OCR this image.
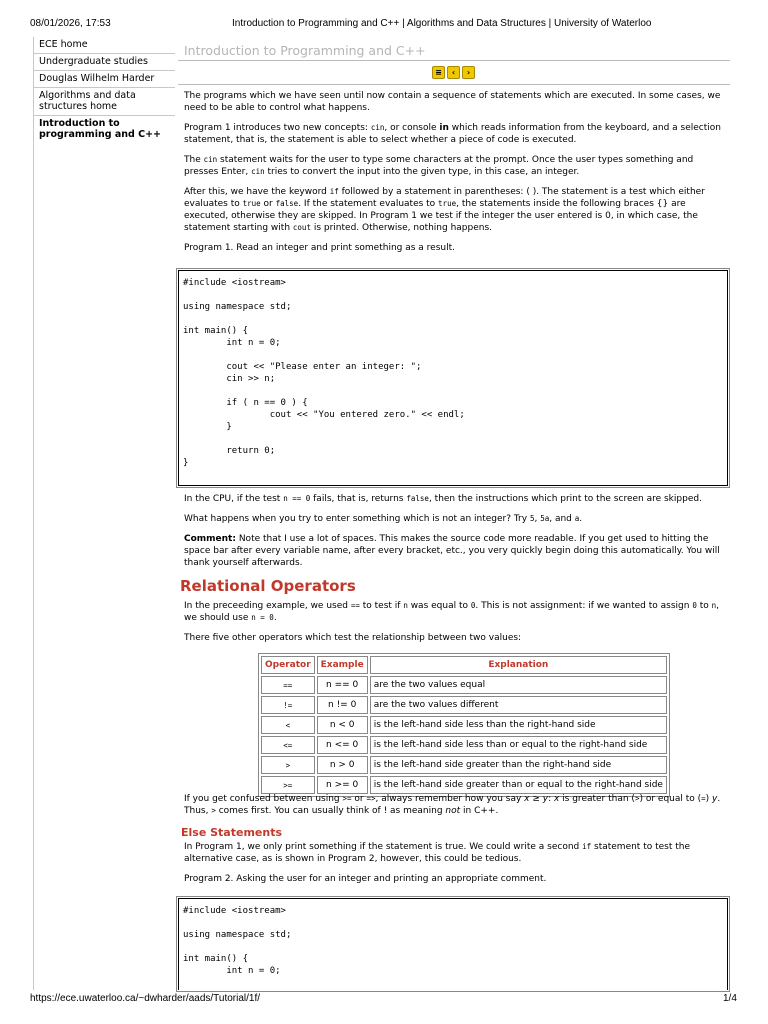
08/01/2026, 17:53	Introduction to Programming and C++ | Algorithms and Data Structures | University of Waterloo
ECE home
Undergraduate studies
Douglas Wilhelm Harder
Algorithms and data structures home
Introduction to programming and C++
Introduction to Programming and C++
≡	‹	›

The programs which we have seen until now contain a sequence of statements which are executed. In some cases, we need to be able to control what happens.

Program 1 introduces two new concepts: cin, or console in which reads information from the keyboard, and a selection statement, that is, the statement is able to select whether a piece of code is executed.

The cin statement waits for the user to type some characters at the prompt. Once the user types something and presses Enter, cin tries to convert the input into the given type, in this case, an integer.

After this, we have the keyword if followed by a statement in parentheses: ( ). The statement is a test which either evaluates to true or false. If the statement evaluates to true, the statements inside the following braces {} are executed, otherwise they are skipped. In Program 1 we test if the integer the user entered is 0, in which case, the statement starting with cout is printed. Otherwise, nothing happens.

Program 1. Read an integer and print something as a result.

#include <iostream>

using namespace std;

int main() {
int n = 0;

cout << "Please enter an integer: ";
cin >> n;

if ( n == 0 ) {
cout << "You entered zero." << endl;
}

return 0;
}

In the CPU, if the test n == 0 fails, that is, returns false, then the instructions which print to the screen are skipped.

What happens when you try to enter something which is not an integer? Try 5, 5a, and a.

Comment: Note that I use a lot of spaces. This makes the source code more readable. If you get used to hitting the space bar after every variable name, after every bracket, etc., you very quickly begin doing this automatically. You will thank yourself afterwards.

Relational Operators

In the preceeding example, we used == to test if n was equal to 0. This is not assignment: if we wanted to assign 0 to n, we should use n = 0.

There five other operators which test the relationship between two values:

Operator	Example	Explanation
==	n == 0	are the two values equal
!=	n != 0	are the two values different
<	n < 0	is the left-hand side less than the right-hand side
<=	n <= 0	is the left-hand side less than or equal to the right-hand side
>	n > 0	is the left-hand side greater than the right-hand side
>=	n >= 0	is the left-hand side greater than or equal to the right-hand side

If you get confused between using >= or =>, always remember how you say x ≥ y: x is greater than (>) or equal to (=) y. Thus, > comes first. You can usually think of ! as meaning not in C++.

Else Statements

In Program 1, we only print something if the statement is true. We could write a second if statement to test the alternative case, as is shown in Program 2, however, this could be tedious.

Program 2. Asking the user for an integer and printing an appropriate comment.

#include <iostream>

using namespace std;

int main() {
int n = 0;
https://ece.uwaterloo.ca/~dwharder/aads/Tutorial/1f/	1/4
